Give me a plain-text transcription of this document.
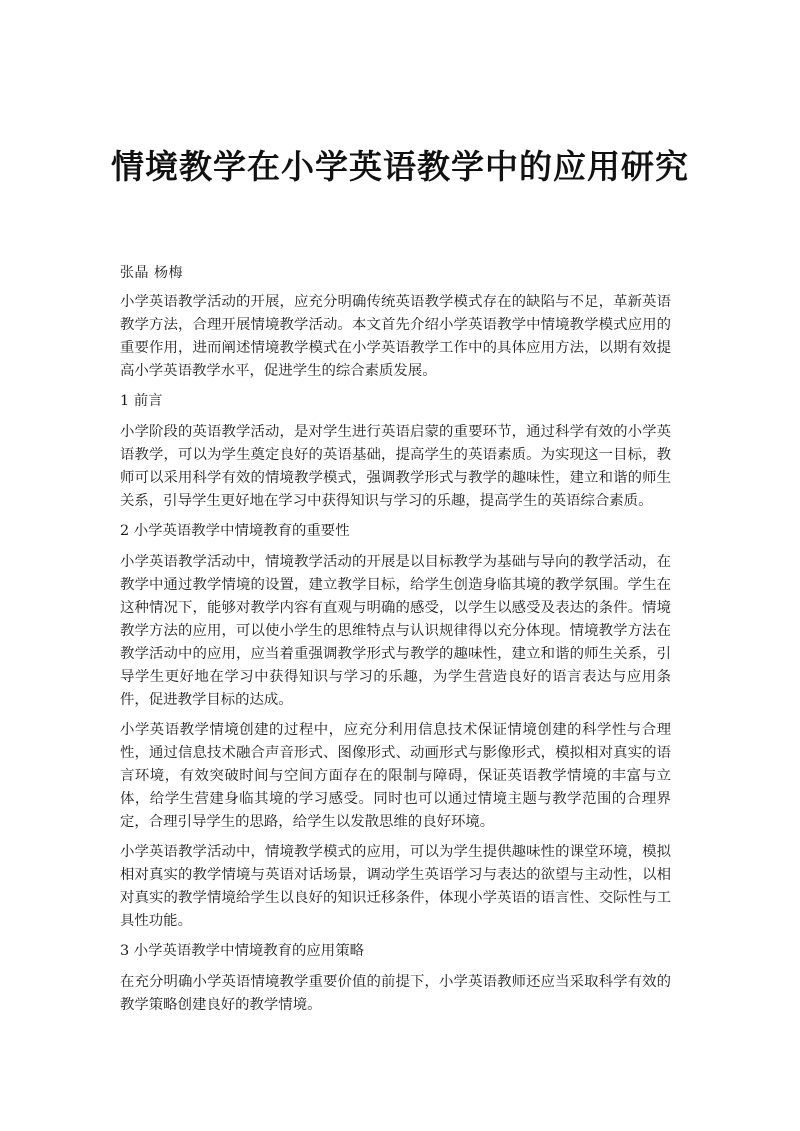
情境教学在小学英语教学中的应用研究
张晶 杨梅

小学英语教学活动的开展，应充分明确传统英语教学模式存在的缺陷与不足，革新英语教学方法，合理开展情境教学活动。本文首先介绍小学英语教学中情境教学模式应用的重要作用，进而阐述情境教学模式在小学英语教学工作中的具体应用方法，以期有效提高小学英语教学水平，促进学生的综合素质发展。

1 前言

小学阶段的英语教学活动，是对学生进行英语启蒙的重要环节，通过科学有效的小学英语教学，可以为学生奠定良好的英语基础，提高学生的英语素质。为实现这一目标，教师可以采用科学有效的情境教学模式，强调教学形式与教学的趣味性，建立和谐的师生关系，引导学生更好地在学习中获得知识与学习的乐趣，提高学生的英语综合素质。

2 小学英语教学中情境教育的重要性

小学英语教学活动中，情境教学活动的开展是以目标教学为基础与导向的教学活动，在教学中通过教学情境的设置，建立教学目标，给学生创造身临其境的教学氛围。学生在这种情况下，能够对教学内容有直观与明确的感受，以学生以感受及表达的条件。情境教学方法的应用，可以使小学生的思维特点与认识规律得以充分体现。情境教学方法在教学活动中的应用，应当着重强调教学形式与教学的趣味性，建立和谐的师生关系，引导学生更好地在学习中获得知识与学习的乐趣，为学生营造良好的语言表达与应用条件，促进教学目标的达成。

小学英语教学情境创建的过程中，应充分利用信息技术保证情境创建的科学性与合理性，通过信息技术融合声音形式、图像形式、动画形式与影像形式，模拟相对真实的语言环境，有效突破时间与空间方面存在的限制与障碍，保证英语教学情境的丰富与立体，给学生营建身临其境的学习感受。同时也可以通过情境主题与教学范围的合理界定，合理引导学生的思路，给学生以发散思维的良好环境。

小学英语教学活动中，情境教学模式的应用，可以为学生提供趣味性的课堂环境，模拟相对真实的教学情境与英语对话场景，调动学生英语学习与表达的欲望与主动性，以相对真实的教学情境给学生以良好的知识迁移条件，体现小学英语的语言性、交际性与工具性功能。

3 小学英语教学中情境教育的应用策略

在充分明确小学英语情境教学重要价值的前提下，小学英语教师还应当采取科学有效的教学策略创建良好的教学情境。
